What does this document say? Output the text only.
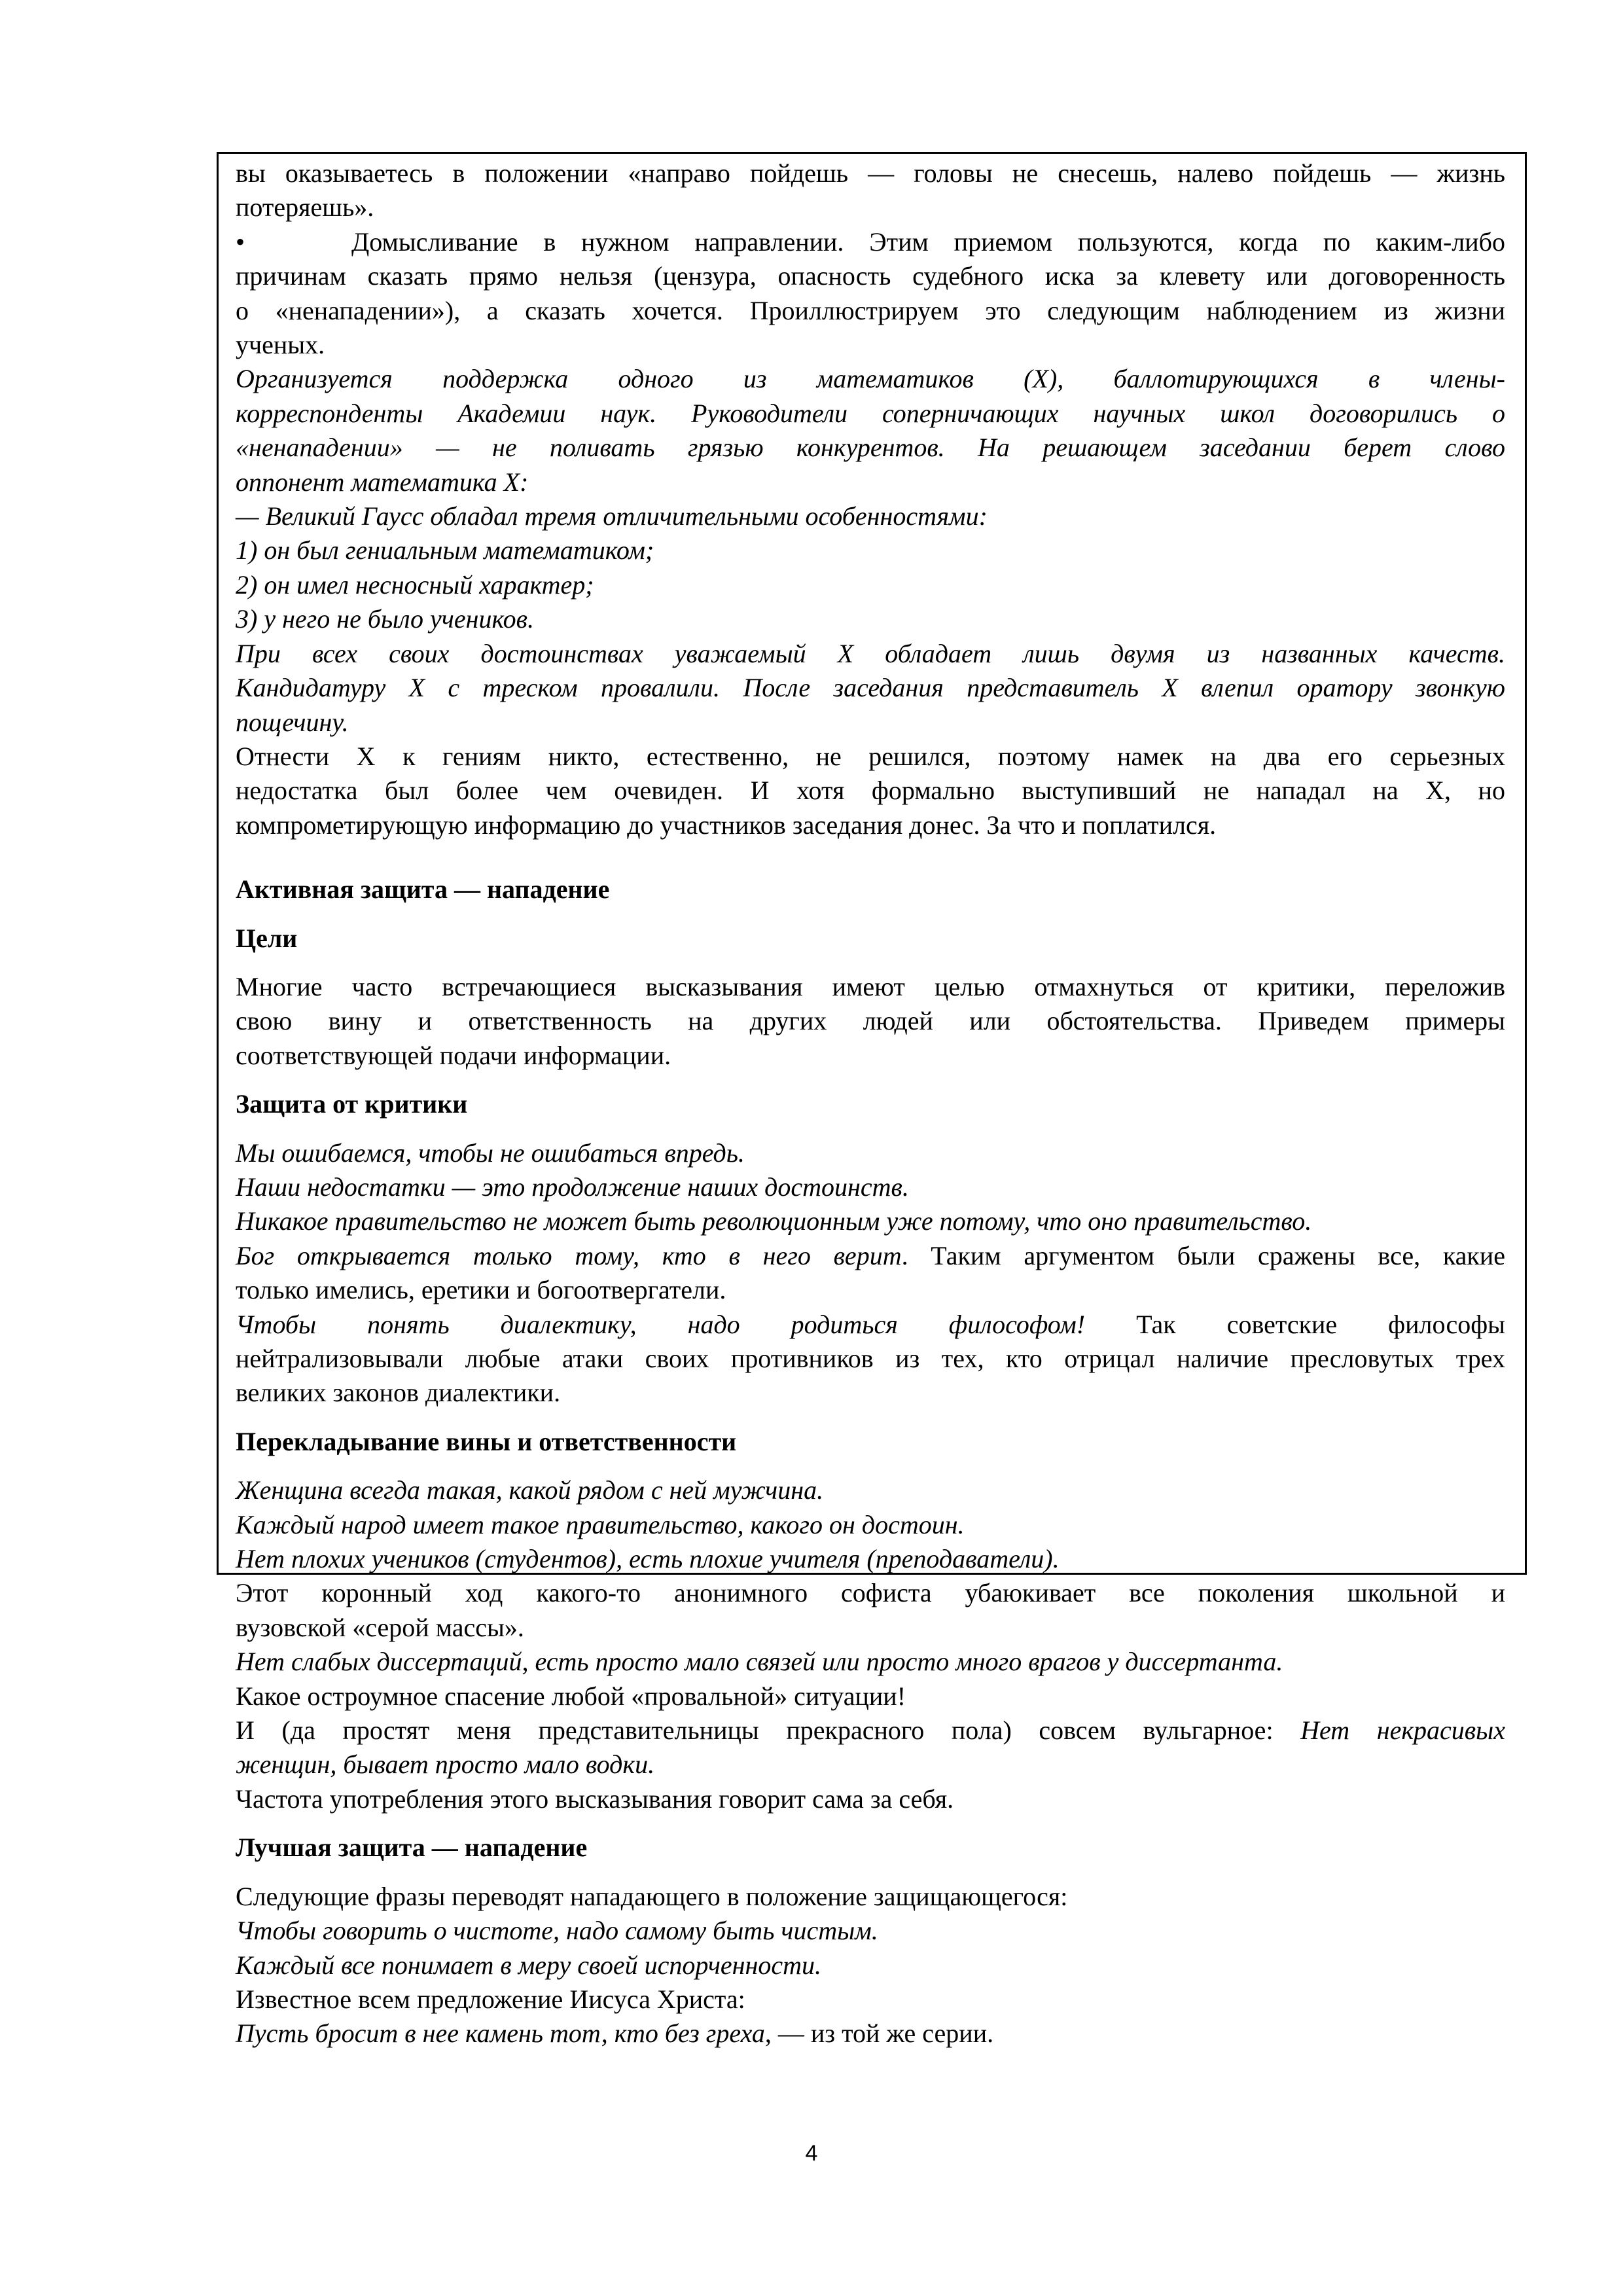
вы оказываетесь в положении «направо пойдешь — головы не снесешь, налево пойдешь — жизнь

потеряешь».

•	Домысливание в нужном направлении. Этим приемом пользуются, когда по каким-либо

причинам сказать прямо нельзя (цензура, опасность судебного иска за клевету или договоренность

о «ненападении»), а сказать хочется. Проиллюстрируем это следующим наблюдением из жизни

ученых.

Организуется поддержка одного из математиков (X), баллотирующихся в члены-

корреспонденты Академии наук. Руководители соперничающих научных школ договорились о

«ненападении» — не поливать грязью конкурентов. На решающем заседании берет слово

оппонент математика X:

— Великий Гаусс обладал тремя отличительными особенностями:

1) он был гениальным математиком;

2) он имел несносный характер;

3) у него не было учеников.

При всех своих достоинствах уважаемый X обладает лишь двумя из названных качеств.

Кандидатуру X с треском провалили. После заседания представитель X влепил оратору звонкую

пощечину.

Отнести X к гениям никто, естественно, не решился, поэтому намек на два его серьезных

недостатка был более чем очевиден. И хотя формально выступивший не нападал на X, но

компрометирующую информацию до участников заседания донес. За что и поплатился.

Активная защита — нападение

Цели

Многие часто встречающиеся высказывания имеют целью отмахнуться от критики, переложив

свою вину и ответственность на других людей или обстоятельства. Приведем примеры

соответствующей подачи информации.

Защита от критики

Мы ошибаемся, чтобы не ошибаться впредь.

Наши недостатки — это продолжение наших достоинств.

Никакое правительство не может быть революционным уже потому, что оно правительство.

Бог открывается только тому, кто в него верит. Таким аргументом были сражены все, какие

только имелись, еретики и богоотвергатели.

Чтобы понять диалектику, надо родиться философом! Так советские философы

нейтрализовывали любые атаки своих противников из тех, кто отрицал наличие пресловутых трех

великих законов диалектики.

Перекладывание вины и ответственности

Женщина всегда такая, какой рядом с ней мужчина.

Каждый народ имеет такое правительство, какого он достоин.

Нет плохих учеников (студентов), есть плохие учителя (преподаватели).

Этот коронный ход какого-то анонимного софиста убаюкивает все поколения школьной и

вузовской «серой массы».

Нет слабых диссертаций, есть просто мало связей или просто много врагов у диссертанта.

Какое остроумное спасение любой «провальной» ситуации!

И (да простят меня представительницы прекрасного пола) совсем вульгарное: Нет некрасивых

женщин, бывает просто мало водки.

Частота употребления этого высказывания говорит сама за себя.

Лучшая защита — нападение

Следующие фразы переводят нападающего в положение защищающегося:

Чтобы говорить о чистоте, надо самому быть чистым.

Каждый все понимает в меру своей испорченности.

Известное всем предложение Иисуса Христа:

Пусть бросит в нее камень тот, кто без греха, — из той же серии.

4
